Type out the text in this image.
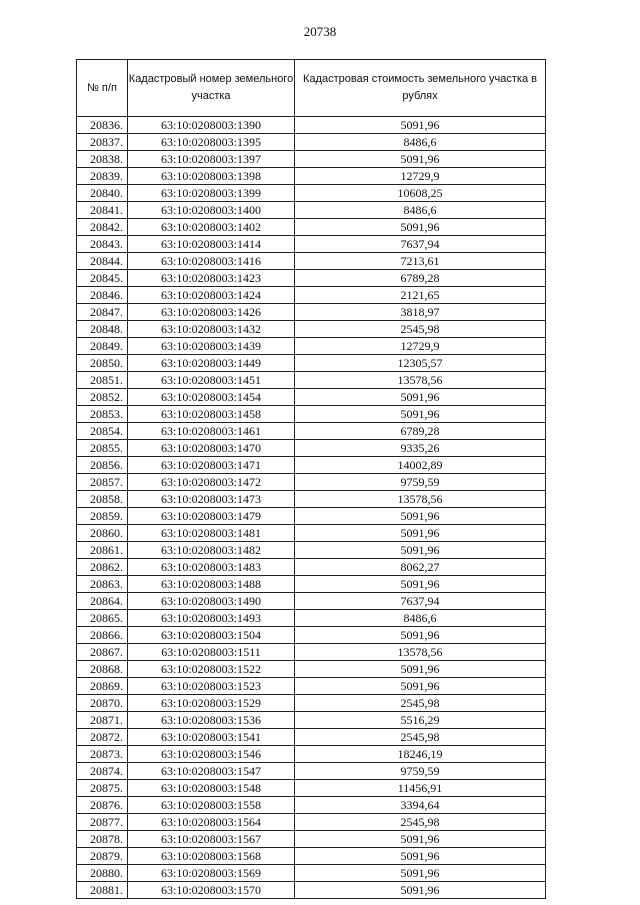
20738
№ п/п	Кадастровый номер земельного участка	Кадастровая стоимость земельного участка в рублях
20836.	63:10:0208003:1390	5091,96
20837.	63:10:0208003:1395	8486,6
20838.	63:10:0208003:1397	5091,96
20839.	63:10:0208003:1398	12729,9
20840.	63:10:0208003:1399	10608,25
20841.	63:10:0208003:1400	8486,6
20842.	63:10:0208003:1402	5091,96
20843.	63:10:0208003:1414	7637,94
20844.	63:10:0208003:1416	7213,61
20845.	63:10:0208003:1423	6789,28
20846.	63:10:0208003:1424	2121,65
20847.	63:10:0208003:1426	3818,97
20848.	63:10:0208003:1432	2545,98
20849.	63:10:0208003:1439	12729,9
20850.	63:10:0208003:1449	12305,57
20851.	63:10:0208003:1451	13578,56
20852.	63:10:0208003:1454	5091,96
20853.	63:10:0208003:1458	5091,96
20854.	63:10:0208003:1461	6789,28
20855.	63:10:0208003:1470	9335,26
20856.	63:10:0208003:1471	14002,89
20857.	63:10:0208003:1472	9759,59
20858.	63:10:0208003:1473	13578,56
20859.	63:10:0208003:1479	5091,96
20860.	63:10:0208003:1481	5091,96
20861.	63:10:0208003:1482	5091,96
20862.	63:10:0208003:1483	8062,27
20863.	63:10:0208003:1488	5091,96
20864.	63:10:0208003:1490	7637,94
20865.	63:10:0208003:1493	8486,6
20866.	63:10:0208003:1504	5091,96
20867.	63:10:0208003:1511	13578,56
20868.	63:10:0208003:1522	5091,96
20869.	63:10:0208003:1523	5091,96
20870.	63:10:0208003:1529	2545,98
20871.	63:10:0208003:1536	5516,29
20872.	63:10:0208003:1541	2545,98
20873.	63:10:0208003:1546	18246,19
20874.	63:10:0208003:1547	9759,59
20875.	63:10:0208003:1548	11456,91
20876.	63:10:0208003:1558	3394,64
20877.	63:10:0208003:1564	2545,98
20878.	63:10:0208003:1567	5091,96
20879.	63:10:0208003:1568	5091,96
20880.	63:10:0208003:1569	5091,96
20881.	63:10:0208003:1570	5091,96
